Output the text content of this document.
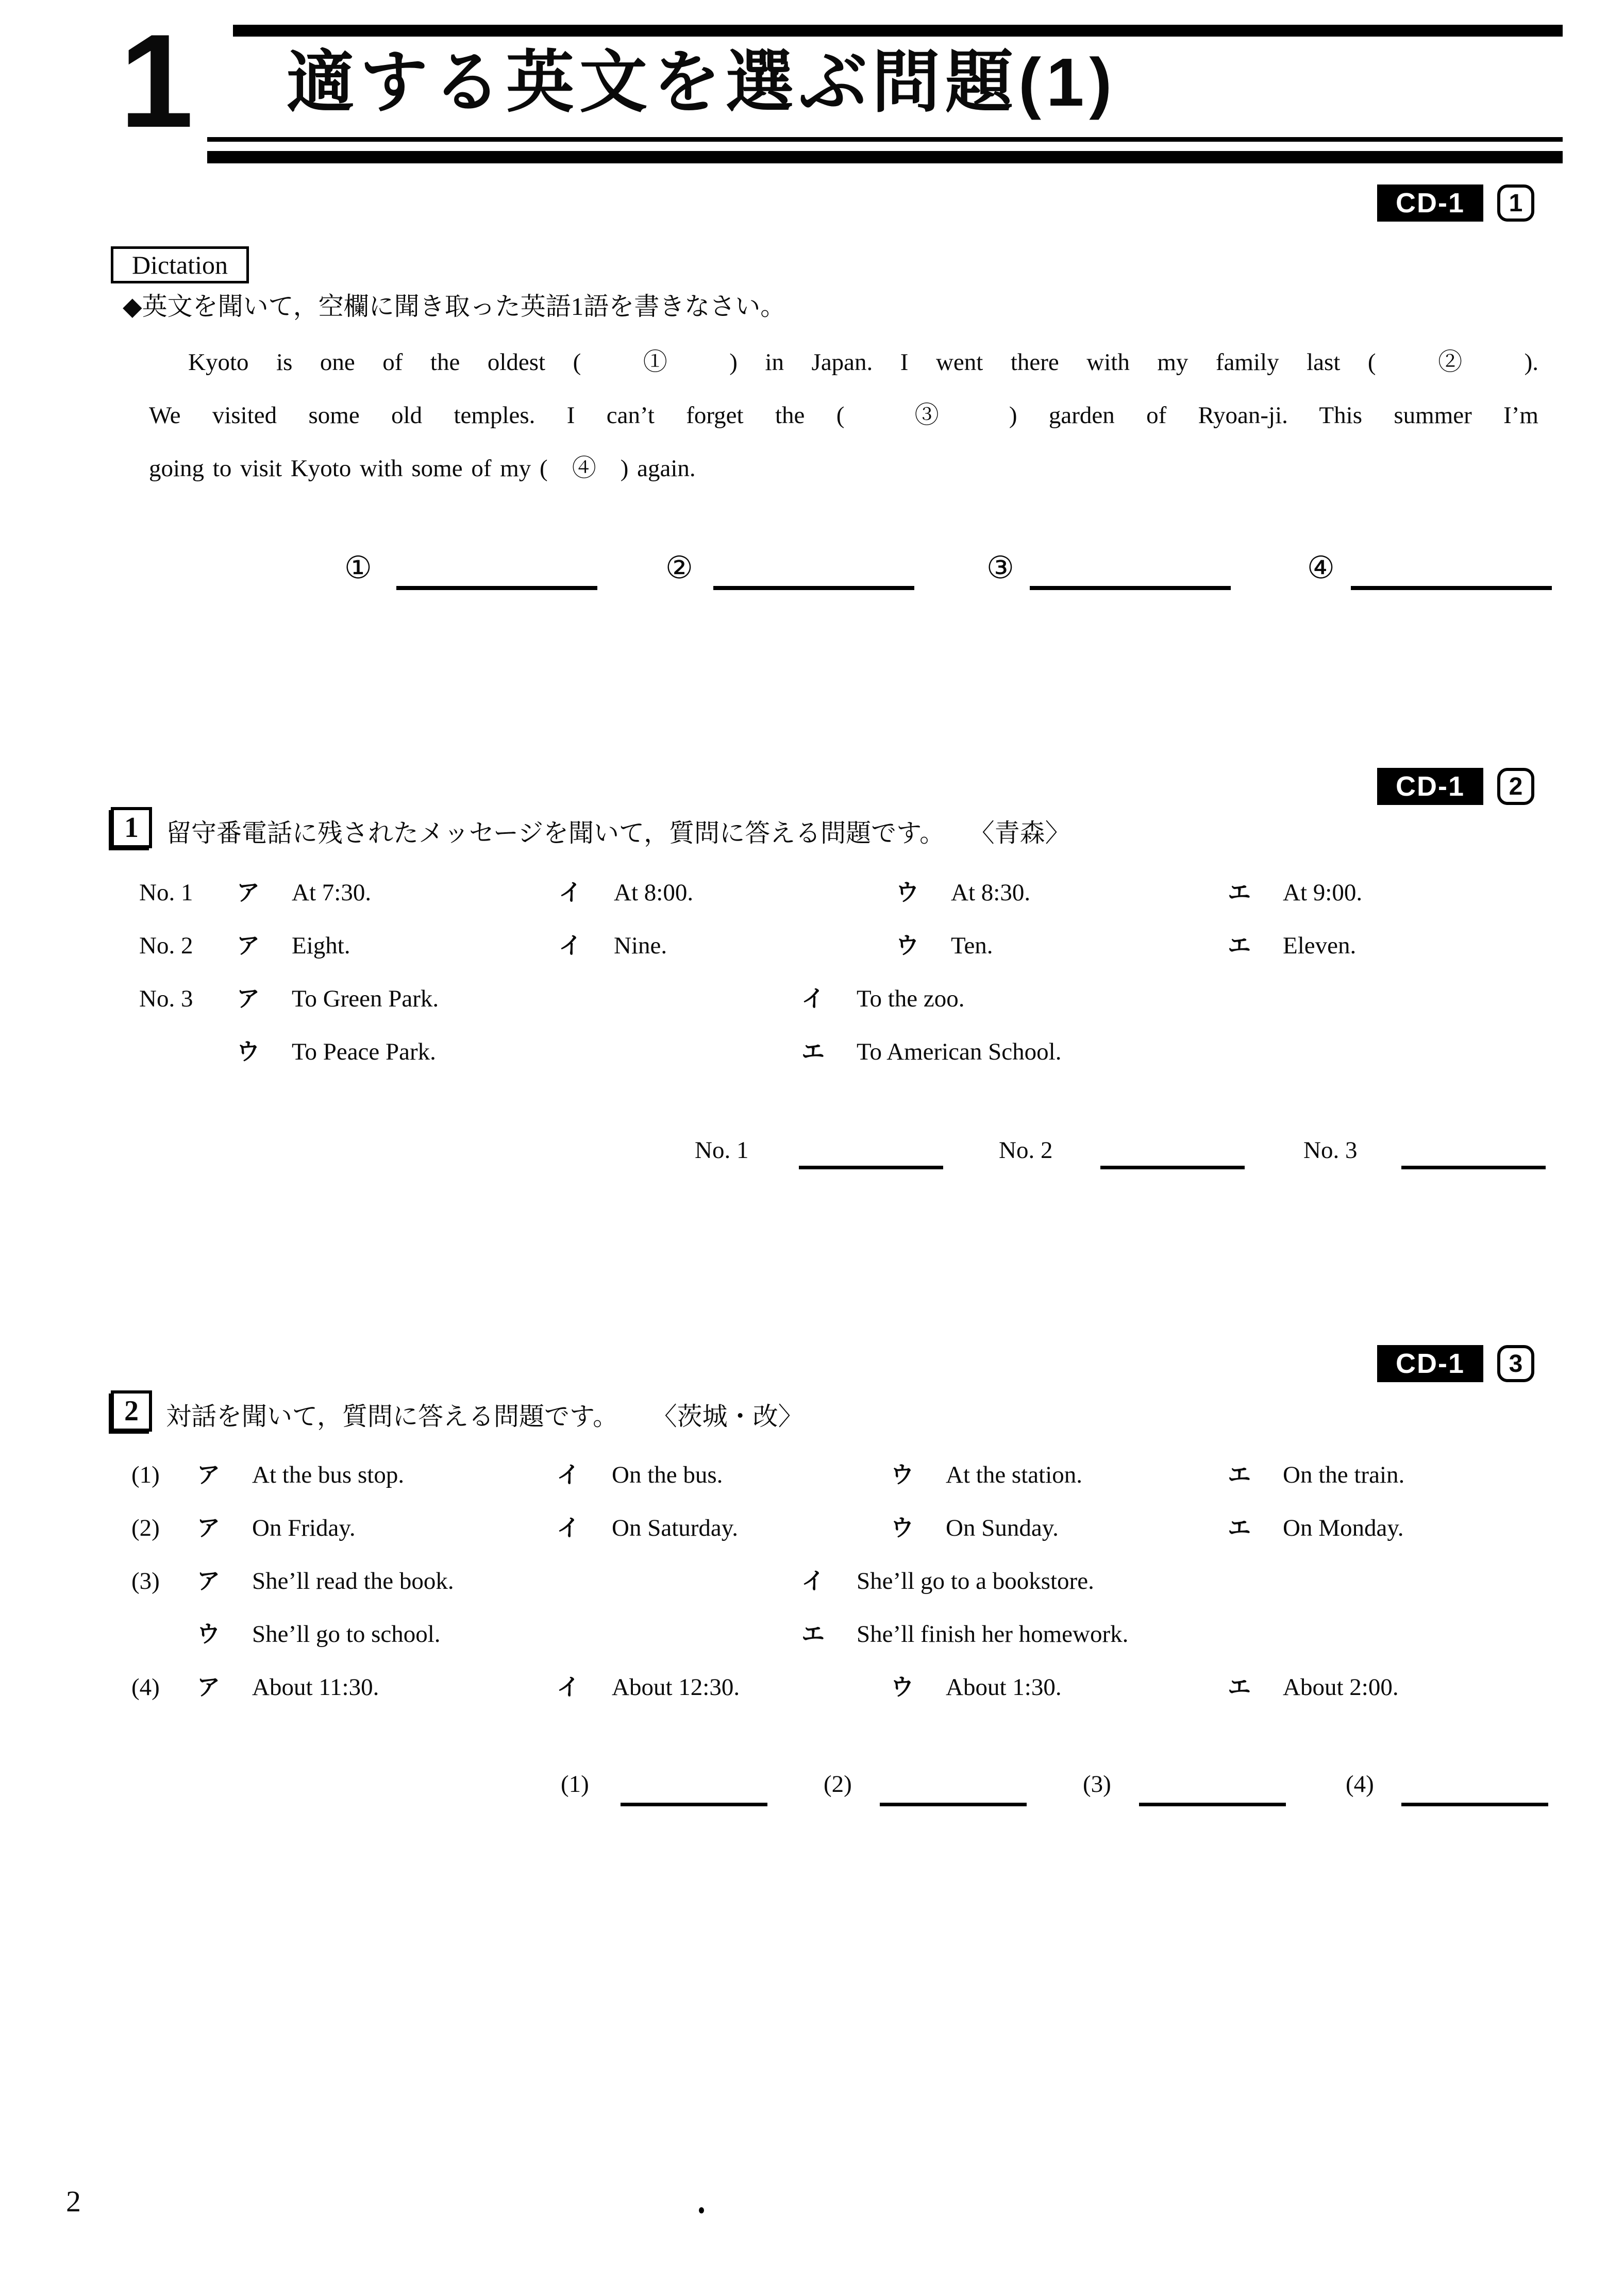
1 適する英文を選ぶ問題(1)
CD-1	1
Dictation
◆英文を聞いて，空欄に聞き取った英語1語を書きなさい。
Kyoto is one of the oldest (　①　) in Japan. I went there with my family last (　②　).
We visited some old temples. I can’t forget the (　③　) garden of Ryoan-ji. This summer I’m
going to visit Kyoto with some of my (　④　) again.
①	②	③	④
CD-1	2
1	留守番電話に残されたメッセージを聞いて，質問に答える問題です。 〈青森〉
No. 1	ア At 7:30.	イ At 8:00.	ウ At 8:30.	エ At 9:00.
No. 2	ア Eight.	イ Nine.	ウ Ten.	エ Eleven.
No. 3	ア To Green Park.	イ To the zoo.
ウ To Peace Park.	エ To American School.
No. 1	No. 2	No. 3
CD-1	3
2	対話を聞いて，質問に答える問題です。 〈茨城・改〉
(1)	ア At the bus stop.	イ On the bus.	ウ At the station.	エ On the train.
(2)	ア On Friday.	イ On Saturday.	ウ On Sunday.	エ On Monday.
(3)	ア She’ll read the book.	イ She’ll go to a bookstore.
ウ She’ll go to school.	エ She’ll finish her homework.
(4)	ア About 11:30.	イ About 12:30.	ウ About 1:30.	エ About 2:00.
(1)	(2)	(3)	(4)
2
